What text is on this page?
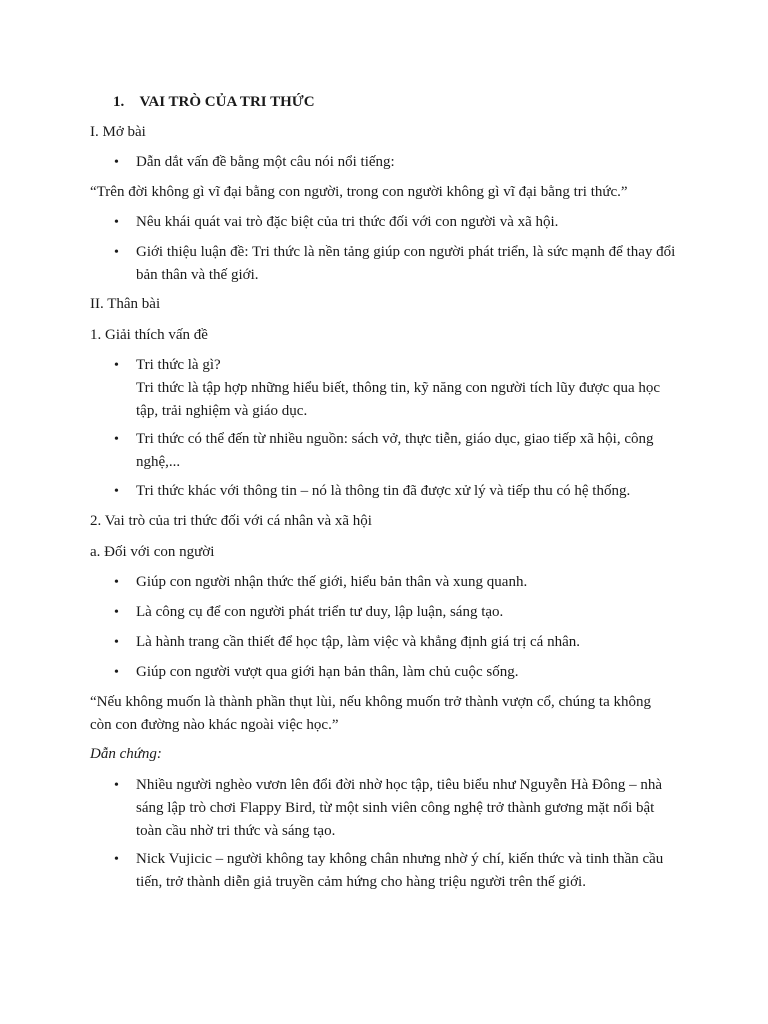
1. VAI TRÒ CỦA TRI THỨC
I. Mở bài
• Dẫn dắt vấn đề bằng một câu nói nổi tiếng:
“Trên đời không gì vĩ đại bằng con người, trong con người không gì vĩ đại bằng tri thức.”
• Nêu khái quát vai trò đặc biệt của tri thức đối với con người và xã hội.
• Giới thiệu luận đề: Tri thức là nền tảng giúp con người phát triển, là sức mạnh để thay đổi
bản thân và thế giới.
II. Thân bài
1. Giải thích vấn đề
• Tri thức là gì?
Tri thức là tập hợp những hiểu biết, thông tin, kỹ năng con người tích lũy được qua học
tập, trải nghiệm và giáo dục.
• Tri thức có thể đến từ nhiều nguồn: sách vở, thực tiễn, giáo dục, giao tiếp xã hội, công
nghệ,...
• Tri thức khác với thông tin – nó là thông tin đã được xử lý và tiếp thu có hệ thống.
2. Vai trò của tri thức đối với cá nhân và xã hội
a. Đối với con người
• Giúp con người nhận thức thế giới, hiểu bản thân và xung quanh.
• Là công cụ để con người phát triển tư duy, lập luận, sáng tạo.
• Là hành trang cần thiết để học tập, làm việc và khẳng định giá trị cá nhân.
• Giúp con người vượt qua giới hạn bản thân, làm chủ cuộc sống.
“Nếu không muốn là thành phần thụt lùi, nếu không muốn trở thành vượn cổ, chúng ta không
còn con đường nào khác ngoài việc học.”
Dẫn chứng:
• Nhiều người nghèo vươn lên đổi đời nhờ học tập, tiêu biểu như Nguyễn Hà Đông – nhà
sáng lập trò chơi Flappy Bird, từ một sinh viên công nghệ trở thành gương mặt nổi bật
toàn cầu nhờ tri thức và sáng tạo.
• Nick Vujicic – người không tay không chân nhưng nhờ ý chí, kiến thức và tinh thần cầu
tiến, trở thành diễn giả truyền cảm hứng cho hàng triệu người trên thế giới.
